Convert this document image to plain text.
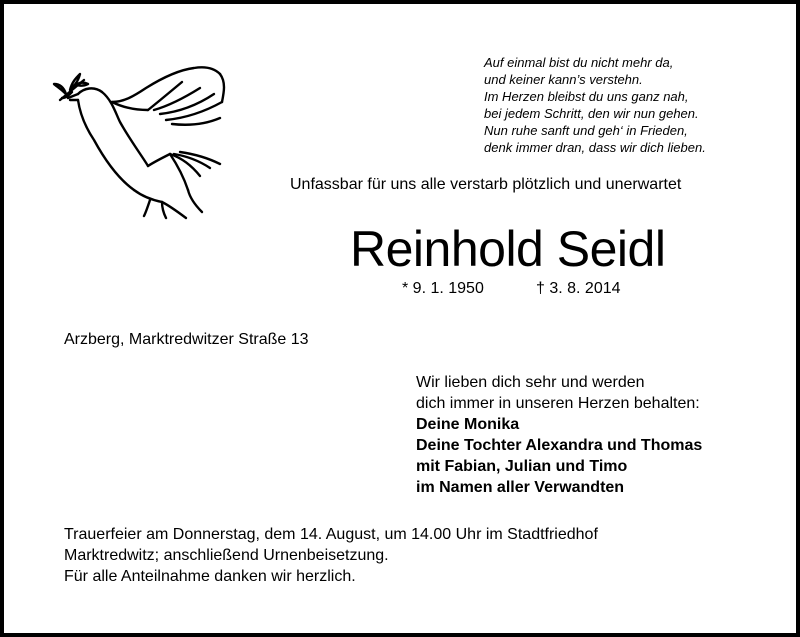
Auf einmal bist du nicht mehr da,
und keiner kann’s verstehn.
Im Herzen bleibst du uns ganz nah,
bei jedem Schritt, den wir nun gehen.
Nun ruhe sanft und geh‘ in Frieden,
denk immer dran, dass wir dich lieben.
Unfassbar für uns alle verstarb plötzlich und unerwartet
Reinhold Seidl
* 9. 1. 1950	† 3. 8. 2014
Arzberg, Marktredwitzer Straße 13
Wir lieben dich sehr und werden
dich immer in unseren Herzen behalten:
Deine Monika
Deine Tochter Alexandra und Thomas
mit Fabian, Julian und Timo
im Namen aller Verwandten
Trauerfeier am Donnerstag, dem 14. August, um 14.00 Uhr im Stadtfriedhof
Marktredwitz; anschließend Urnenbeisetzung.
Für alle Anteilnahme danken wir herzlich.
